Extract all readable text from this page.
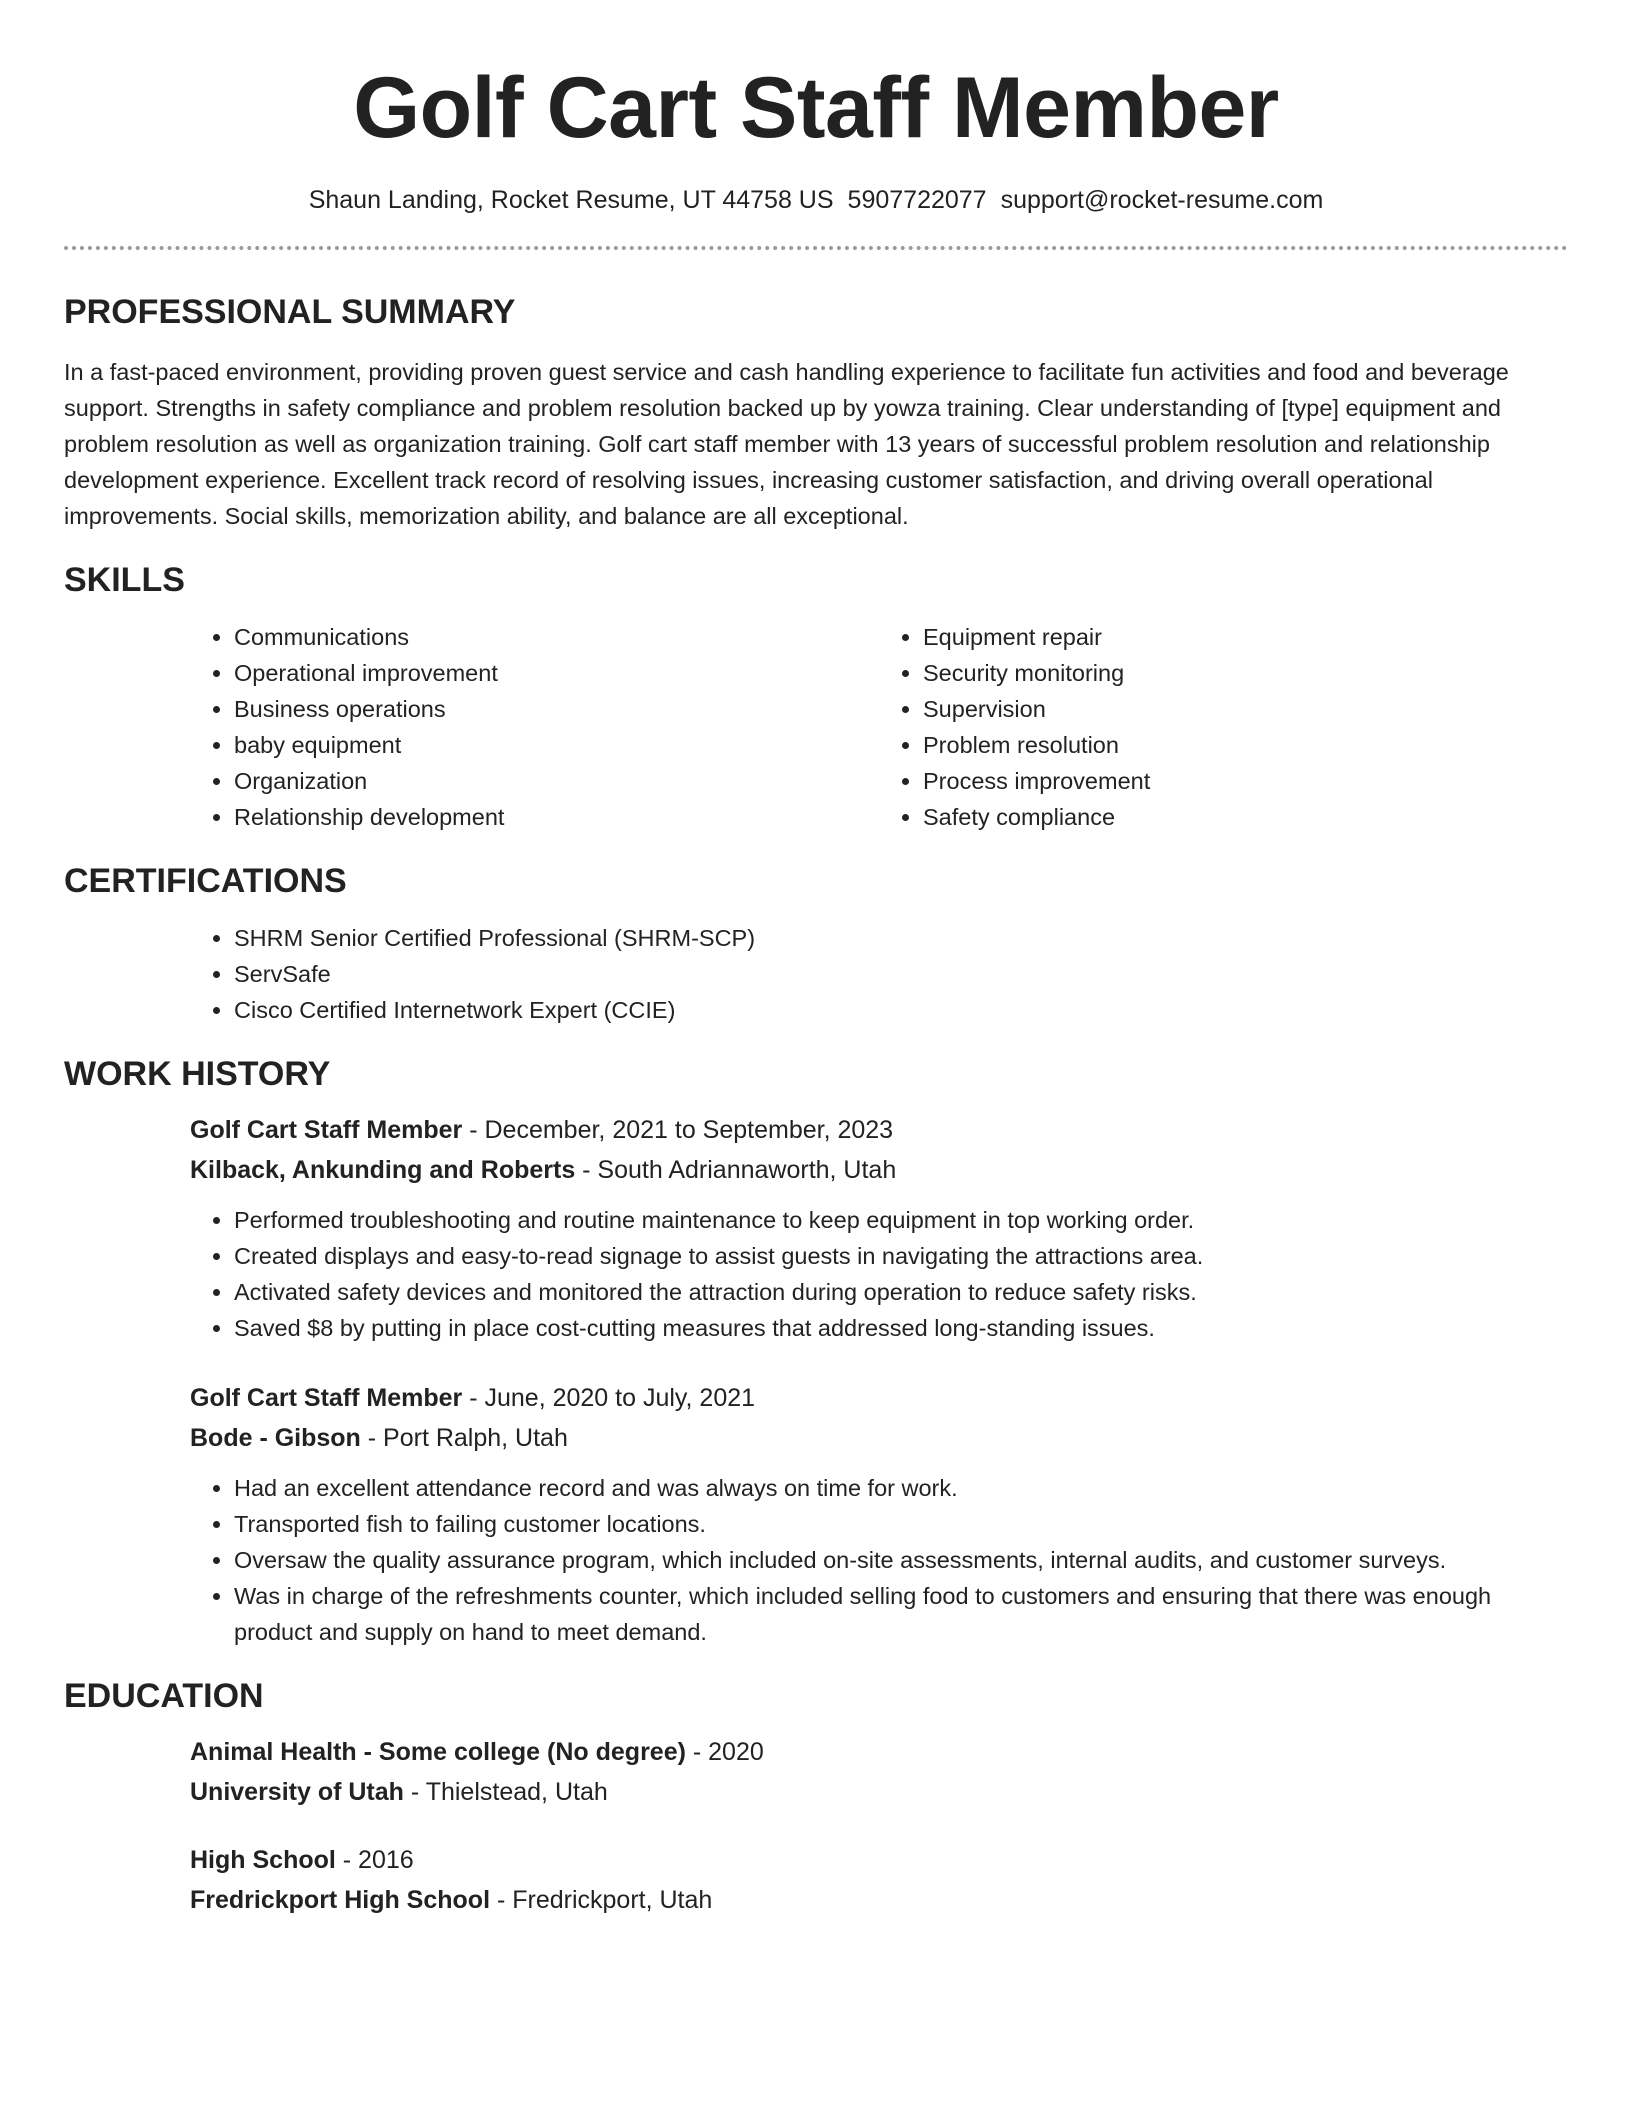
Golf Cart Staff Member
Shaun Landing, Rocket Resume, UT 44758 US 5907722077 support@rocket-resume.com
PROFESSIONAL SUMMARY

In a fast-paced environment, providing proven guest service and cash handling experience to facilitate fun activities and food and beverage support. Strengths in safety compliance and problem resolution backed up by yowza training. Clear understanding of [type] equipment and problem resolution as well as organization training. Golf cart staff member with 13 years of successful problem resolution and relationship development experience. Excellent track record of resolving issues, increasing customer satisfaction, and driving overall operational improvements. Social skills, memorization ability, and balance are all exceptional.

SKILLS
• Communications
• Operational improvement
• Business operations
• baby equipment
• Organization
• Relationship development
• Equipment repair
• Security monitoring
• Supervision
• Problem resolution
• Process improvement
• Safety compliance
CERTIFICATIONS
• SHRM Senior Certified Professional (SHRM-SCP)
• ServSafe
• Cisco Certified Internetwork Expert (CCIE)
WORK HISTORY
Golf Cart Staff Member - December, 2021 to September, 2023
Kilback, Ankunding and Roberts - South Adriannaworth, Utah
• Performed troubleshooting and routine maintenance to keep equipment in top working order.
• Created displays and easy-to-read signage to assist guests in navigating the attractions area.
• Activated safety devices and monitored the attraction during operation to reduce safety risks.
• Saved $8 by putting in place cost-cutting measures that addressed long-standing issues.
Golf Cart Staff Member - June, 2020 to July, 2021
Bode - Gibson - Port Ralph, Utah
• Had an excellent attendance record and was always on time for work.
• Transported fish to failing customer locations.
• Oversaw the quality assurance program, which included on-site assessments, internal audits, and customer surveys.
• Was in charge of the refreshments counter, which included selling food to customers and ensuring that there was enough product and supply on hand to meet demand.
EDUCATION
Animal Health - Some college (No degree) - 2020
University of Utah - Thielstead, Utah
High School - 2016
Fredrickport High School - Fredrickport, Utah
